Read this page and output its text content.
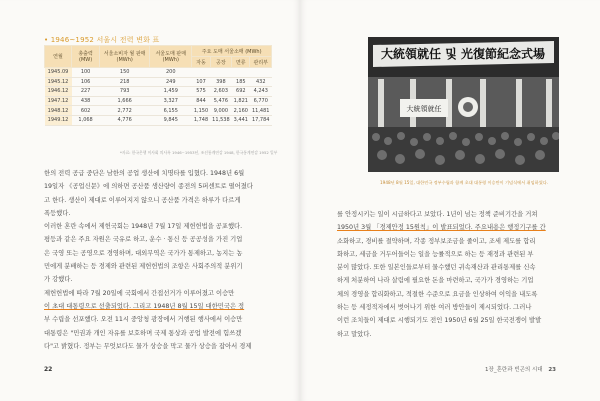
• 1946~1952 서울시 전력 변화 표
연월	총출력 (MW)	서울소비자 월 판매 (MWh)	서울도매 판매 (MWh)	주요 도매 서울소매 (MWh)			
				자동	공장	면류	관리부
1945.09	100	150	200				
1945.12	106	218	249	107	398	185	432
1946.12	227	793	1,459	575	2,603	692	4,243
1947.12	438	1,666	3,327	844	5,476	1,821	6,770
1948.12	602	2,772	6,155	1,150	9,000	2,160	11,481
1949.12	1,068	4,776	9,845	1,748	11,538	3,441	17,784
*자료: 한국은행 이사회 의사록 1946~1953년, 조선통계연감 1948, 한국통계연감 1952 일부

한의 전력 공급 중단은 남한의 공업 생산에 치명타를 입혔다. 1948년 6월

19일자 《공업신문》에 의하면 공산품 생산량이 종전의 5퍼센트로 떨어졌다

고 한다. 생산이 제대로 이루어지지 않으니 공산품 가격은 하루가 다르게

폭등했다.

이러한 혼란 속에서 제헌국회는 1948년 7월 17일 제헌헌법을 공포했다.

평등과 같은 주요 자원은 국유로 하고, 운수 · 통신 등 공공성을 가진 기업

은 국영 또는 공영으로 경영하며, 대외무역은 국가가 통제하고, 농지는 농

민에게 분배하는 등 경제와 관련된 제헌헌법의 조항은 사회주의적 분위기

가 강했다.

제헌헌법에 따라 7월 20일에 국회에서 간접선거가 이루어졌고 이승만

이 초대 대통령으로 선출되었다. 그리고 1948년 8월 15일 대한민국은 정

부 수립을 선포했다. 오전 11시 중앙청 광장에서 거행된 행사에서 이승만

대통령은 "민권과 개인 자유를 보호하며 국제 통상과 공업 발전에 힘쓰겠

다"고 밝혔다. 정부는 무엇보다도 물가 상승을 막고 물가 상승을 잡아서 경제

22
大統領就任 및 光復節紀念式場
大統領就任
1948년 8월 15일, 대한민국 정부수립과 함께 초대 대통령 이승만이 기념식에서 취임하였다.

를 안정시키는 일이 시급하다고 보았다. 1년이 넘는 정책 준비기간을 거쳐

1950년 3월 「경제안정 15원칙」이 발표되었다. 주요내용은 행정기구를 간

소화하고, 경비를 절약하며, 각종 정부보조금을 줄이고, 조세 제도를 합리

화하고, 세금을 거두어들이는 일을 능률적으로 하는 등 재정과 관련된 부

분이 많았다. 또한 일본인들로부터 물수했던 귀속재산과 관리통제를 신속

하게 처분하여 나라 살림에 필요한 돈을 마련하고, 국가가 경영하는 기업

체의 경영을 합리화하고, 적절한 수준으로 요금을 인상하여 이익을 내도록

하는 등 세정적자에서 벗어나기 위한 여러 방안들이 제시되었다. 그러나

이런 조치들이 제대로 시행되기도 전인 1950년 6월 25일 한국전쟁이 발발

하고 말았다.

1장_혼란과 빈곤의 시대 23
